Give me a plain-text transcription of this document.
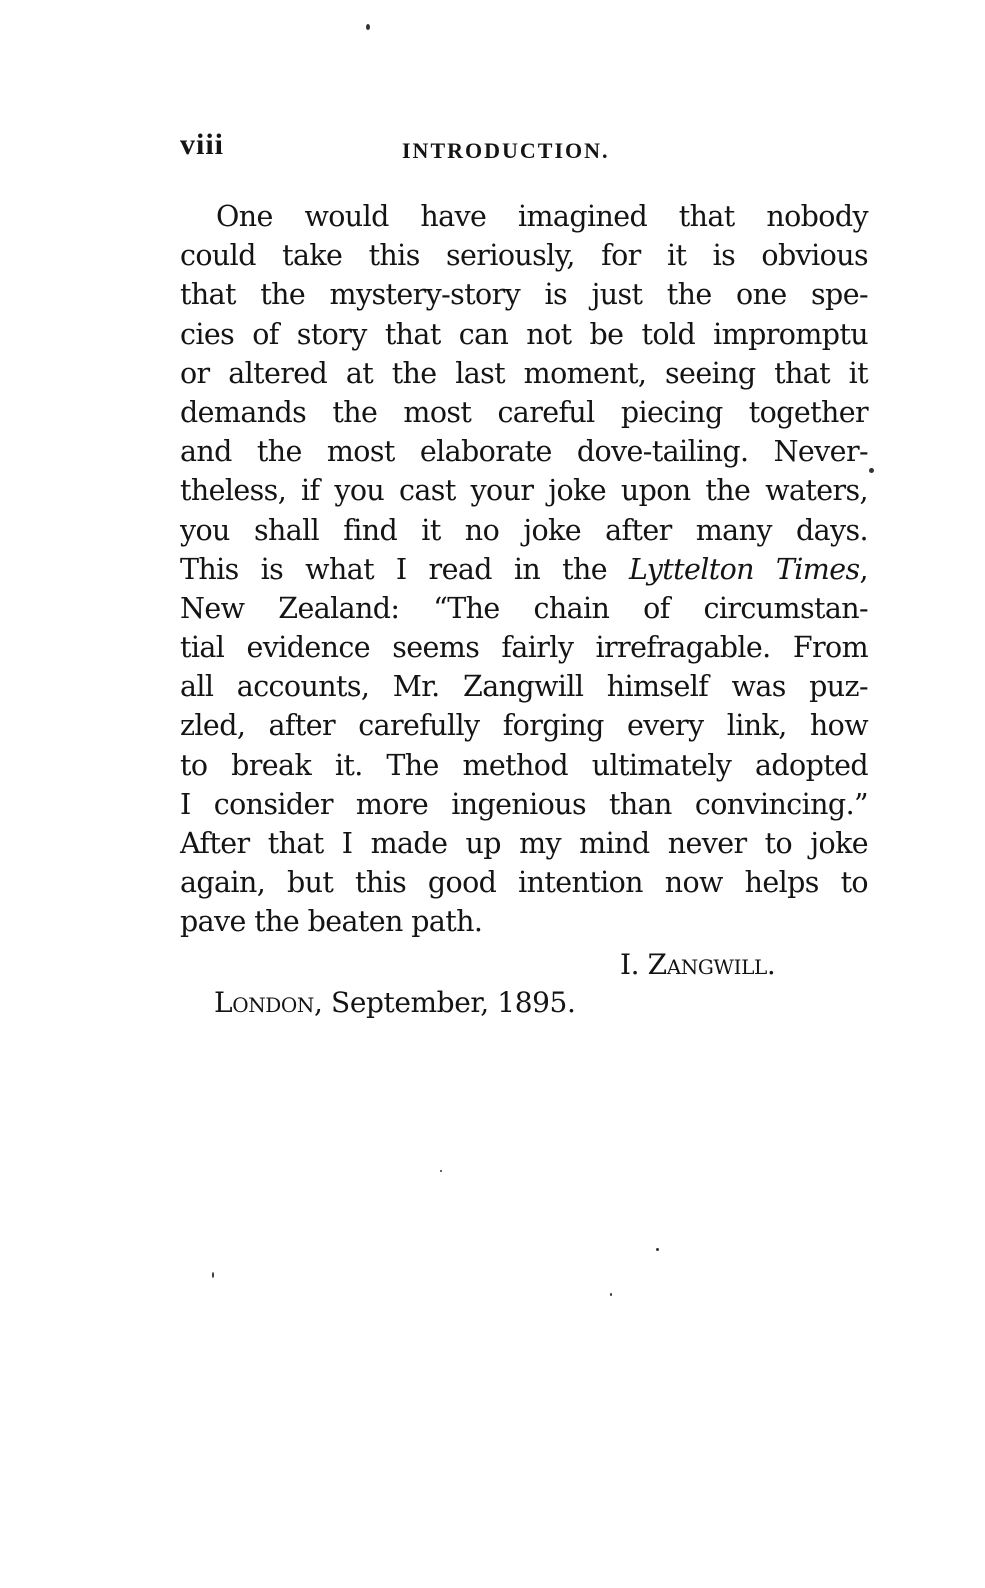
viii	INTRODUCTION.
One would have imagined that nobody
could take this seriously, for it is obvious
that the mystery-story is just the one spe-
cies of story that can not be told impromptu
or altered at the last moment, seeing that it
demands the most careful piecing together
and the most elaborate dove-tailing. Never-
theless, if you cast your joke upon the waters,
you shall find it no joke after many days.
This is what I read in the Lyttelton Times,
New Zealand: “The chain of circumstan-
tial evidence seems fairly irrefragable. From
all accounts, Mr. Zangwill himself was puz-
zled, after carefully forging every link, how
to break it. The method ultimately adopted
I consider more ingenious than convincing.”
After that I made up my mind never to joke
again, but this good intention now helps to
pave the beaten path.
I. Zangwill.
London, September, 1895.
